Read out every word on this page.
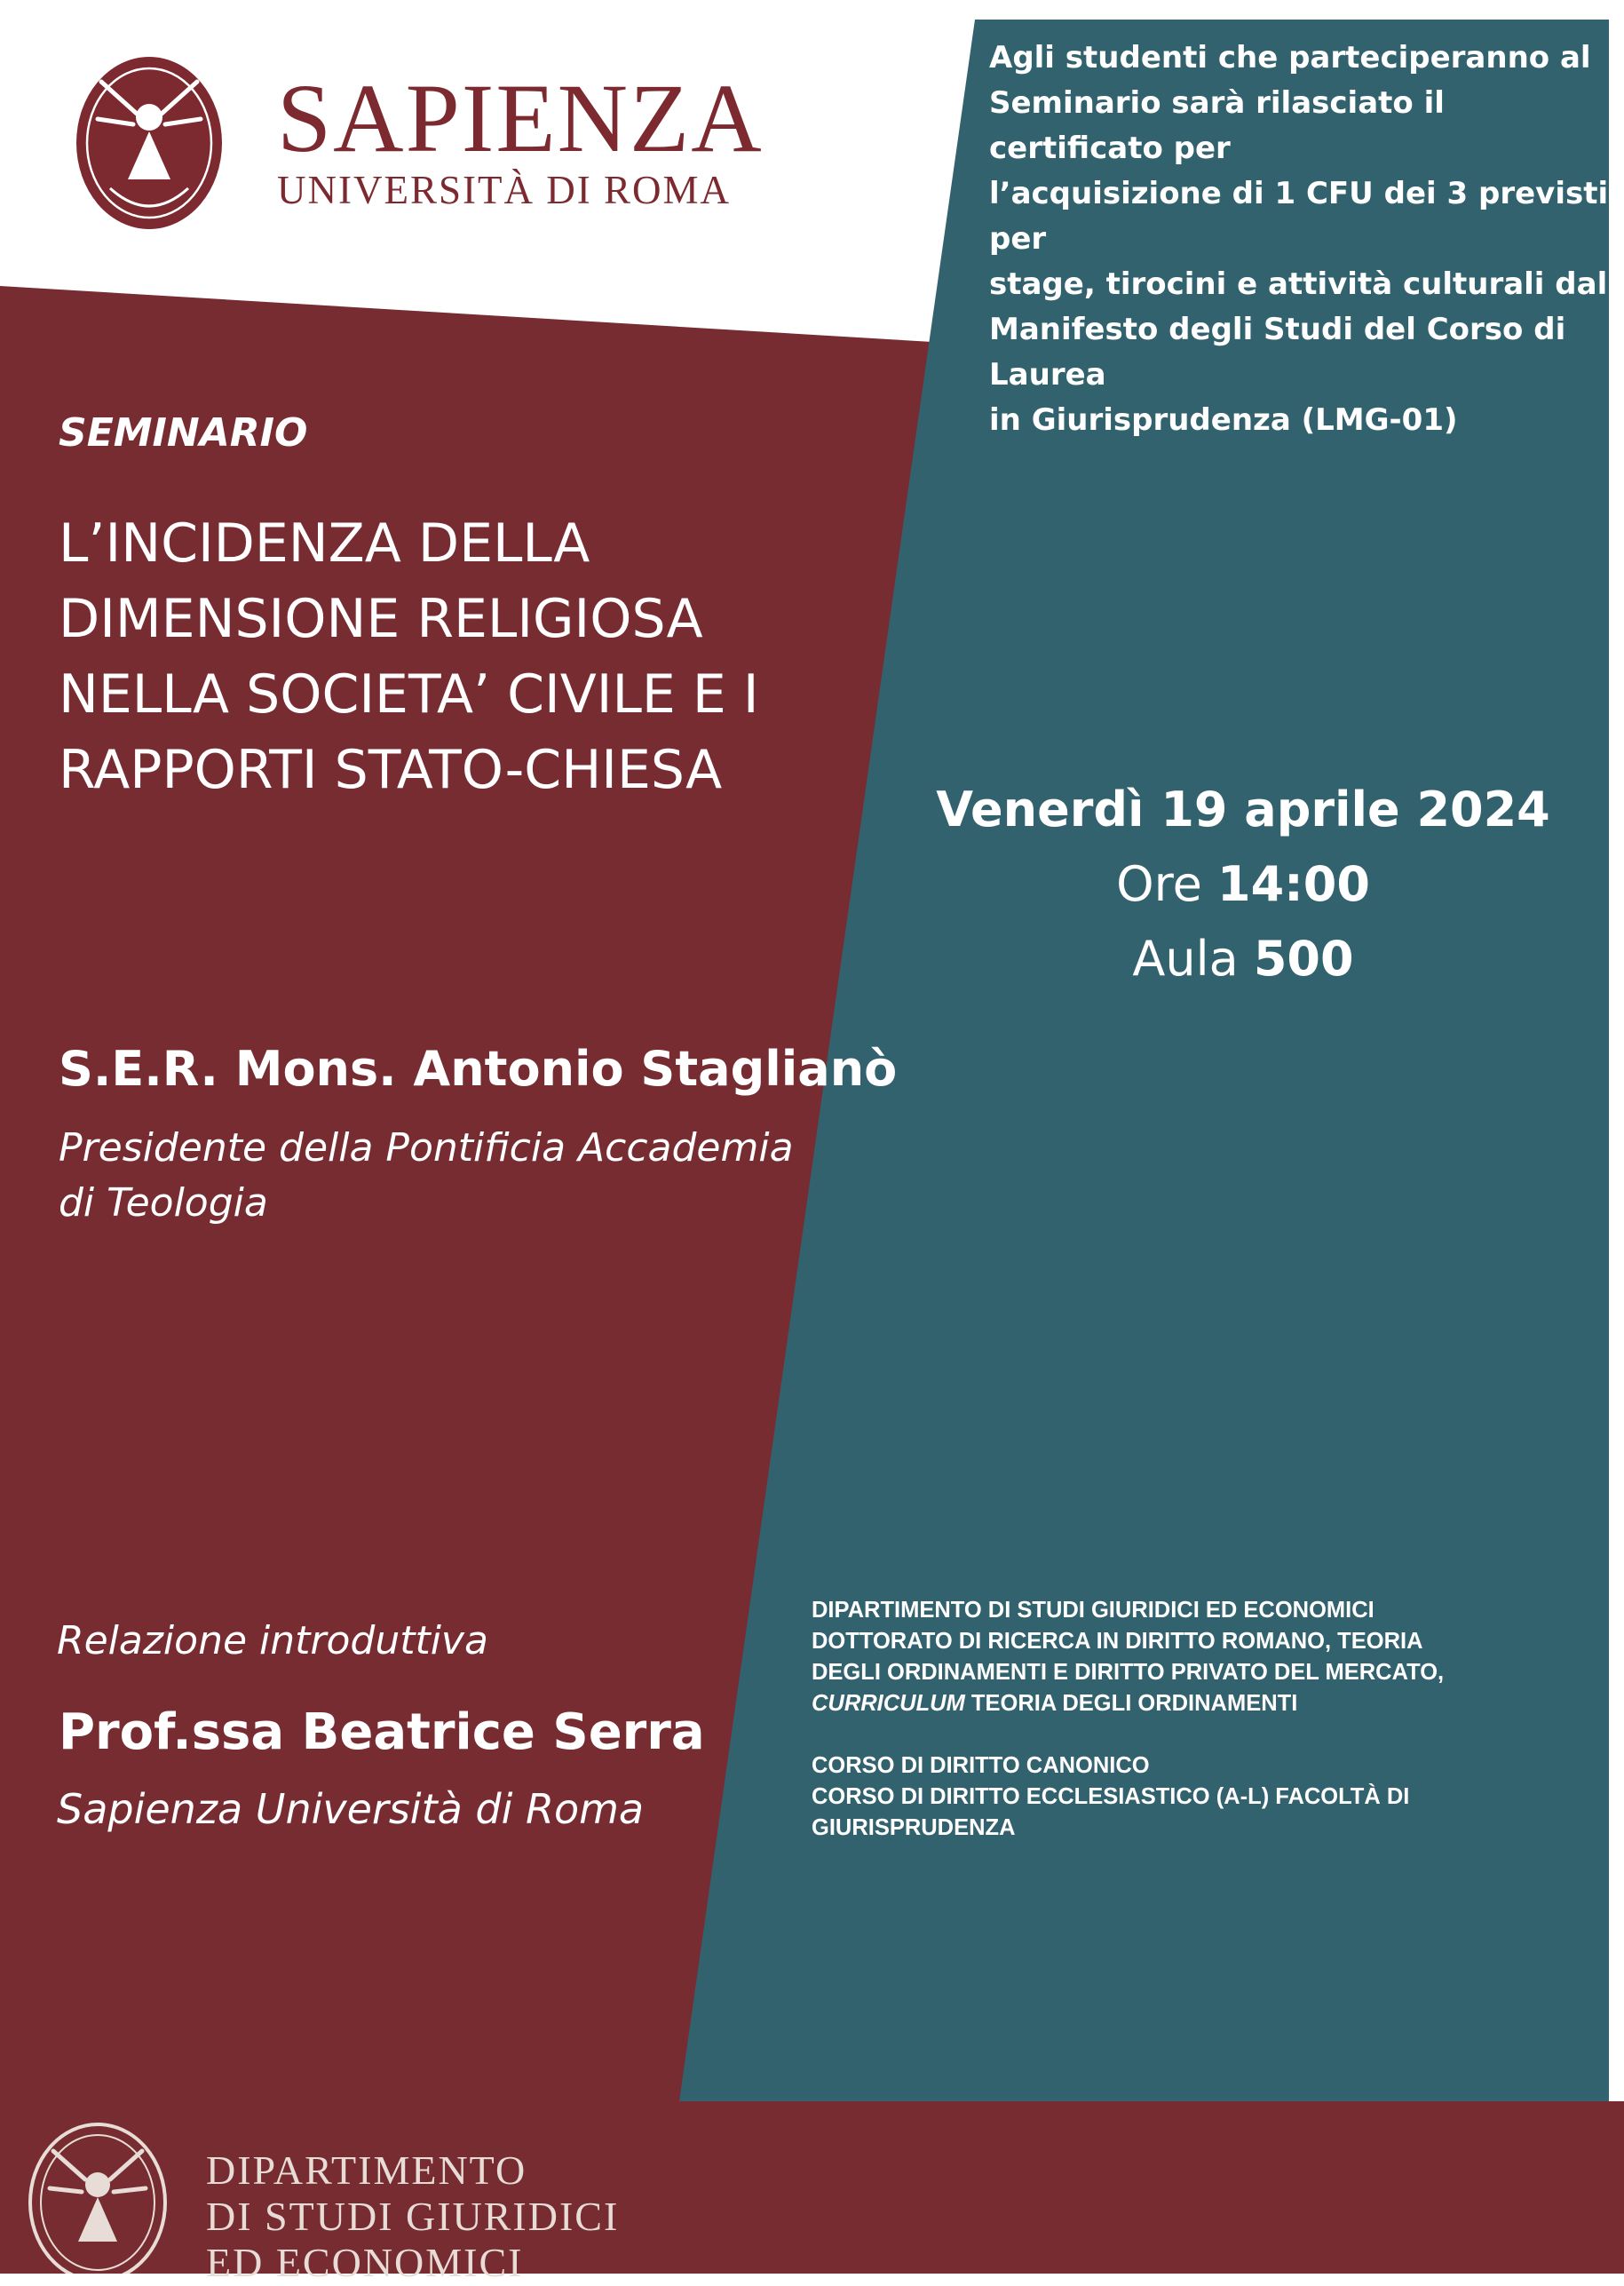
SAPIENZA
UNIVERSITÀ DI ROMA
Agli studenti che parteciperanno al
Seminario sarà rilasciato il certificato per
l’acquisizione di 1 CFU dei 3 previsti per
stage, tirocini e attività culturali dal
Manifesto degli Studi del Corso di Laurea
in Giurisprudenza (LMG-01)
SEMINARIO
L’INCIDENZA DELLA
DIMENSIONE RELIGIOSA
NELLA SOCIETA’ CIVILE E I
RAPPORTI STATO-CHIESA
Venerdì 19 aprile 2024
Ore 14:00
Aula 500
S.E.R. Mons. Antonio Staglianò
Presidente della Pontificia Accademia
di Teologia
Relazione introduttiva
Prof.ssa Beatrice Serra
Sapienza Università di Roma
DIPARTIMENTO DI STUDI GIURIDICI ED ECONOMICI
DOTTORATO DI RICERCA IN DIRITTO ROMANO, TEORIA
DEGLI ORDINAMENTI E DIRITTO PRIVATO DEL MERCATO,
CURRICULUM TEORIA DEGLI ORDINAMENTI
CORSO DI DIRITTO CANONICO
CORSO DI DIRITTO ECCLESIASTICO (A-L) FACOLTÀ DI
GIURISPRUDENZA
DIPARTIMENTO
DI STUDI GIURIDICI
ED ECONOMICI
